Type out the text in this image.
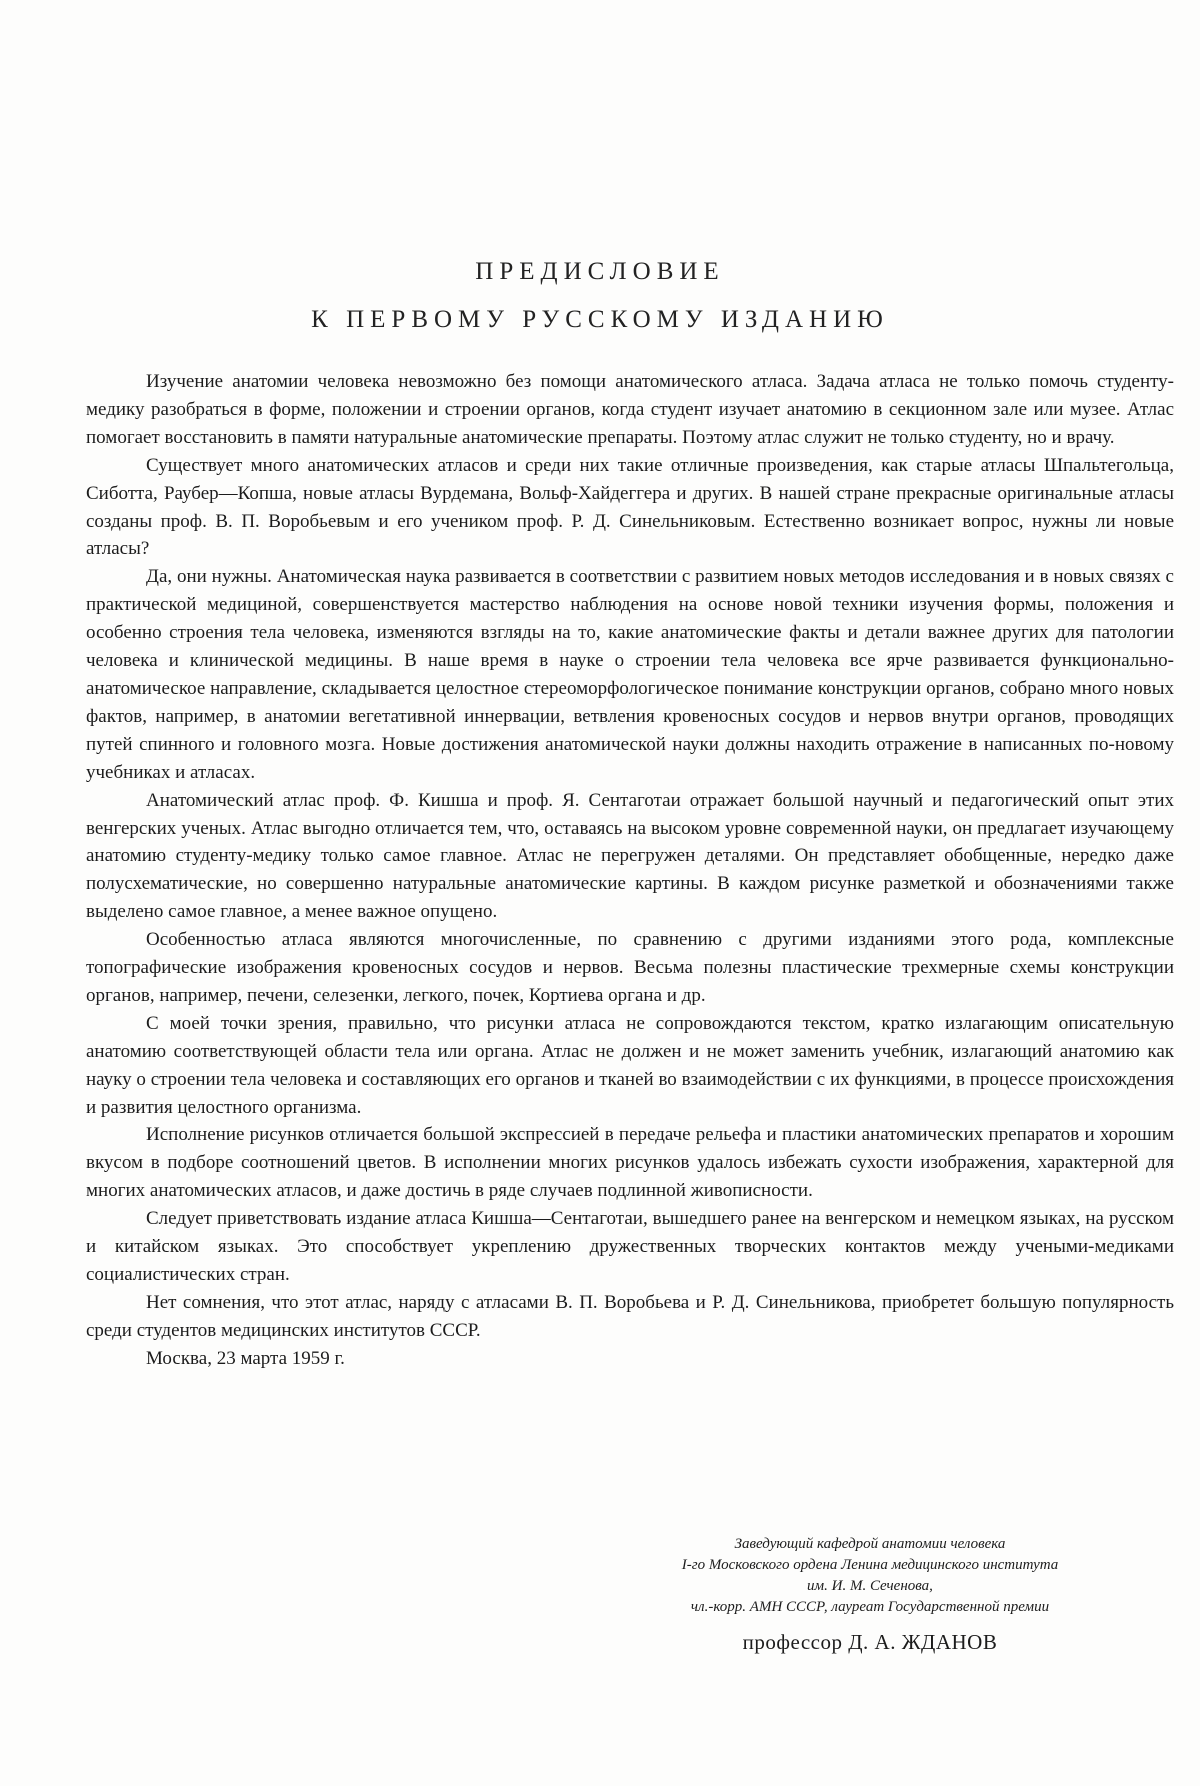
ПРЕДИСЛОВИЕ
К ПЕРВОМУ РУССКОМУ ИЗДАНИЮ

Изучение анатомии человека невозможно без помощи анатомического атласа. Задача атласа не только помочь студенту-медику разобраться в форме, положении и строении органов, когда студент изучает анатомию в секционном зале или музее. Атлас помогает восстановить в памяти натуральные анатомические препараты. Поэтому атлас служит не только студенту, но и врачу.

Существует много анатомических атласов и среди них такие отличные произведения, как старые атласы Шпальтегольца, Сиботта, Раубер—Копша, новые атласы Вурдемана, Вольф-Хайдеггера и других. В нашей стране прекрасные оригинальные атласы созданы проф. В. П. Воробьевым и его учеником проф. Р. Д. Синельниковым. Естественно возникает вопрос, нужны ли новые атласы?

Да, они нужны. Анатомическая наука развивается в соответствии с развитием новых методов исследования и в новых связях с практической медициной, совершенствуется мастерство наблюдения на основе новой техники изучения формы, положения и особенно строения тела человека, изменяются взгляды на то, какие анатомические факты и детали важнее других для патологии человека и клинической медицины. В наше время в науке о строении тела человека все ярче развивается функционально-анатомическое направление, складывается целостное стереоморфологическое понимание конструкции органов, собрано много новых фактов, например, в анатомии вегетативной иннервации, ветвления кровеносных сосудов и нервов внутри органов, проводящих путей спинного и головного мозга. Новые достижения анатомической науки должны находить отражение в написанных по-новому учебниках и атласах.

Анатомический атлас проф. Ф. Кишша и проф. Я. Сентаготаи отражает большой научный и педагогический опыт этих венгерских ученых. Атлас выгодно отличается тем, что, оставаясь на высоком уровне современной науки, он предлагает изучающему анатомию студенту-медику только самое главное. Атлас не перегружен деталями. Он представляет обобщенные, нередко даже полусхематические, но совершенно натуральные анатомические картины. В каждом рисунке разметкой и обозначениями также выделено самое главное, а менее важное опущено.

Особенностью атласа являются многочисленные, по сравнению с другими изданиями этого рода, комплексные топографические изображения кровеносных сосудов и нервов. Весьма полезны пластические трехмерные схемы конструкции органов, например, печени, селезенки, легкого, почек, Кортиева органа и др.

С моей точки зрения, правильно, что рисунки атласа не сопровождаются текстом, кратко излагающим описательную анатомию соответствующей области тела или органа. Атлас не должен и не может заменить учебник, излагающий анатомию как науку о строении тела человека и составляющих его органов и тканей во взаимодействии с их функциями, в процессе происхождения и развития целостного организма.

Исполнение рисунков отличается большой экспрессией в передаче рельефа и пластики анатомических препаратов и хорошим вкусом в подборе соотношений цветов. В исполнении многих рисунков удалось избежать сухости изображения, характерной для многих анатомических атласов, и даже достичь в ряде случаев подлинной живописности.

Следует приветствовать издание атласа Кишша—Сентаготаи, вышедшего ранее на венгерском и немецком языках, на русском и китайском языках. Это способствует укреплению дружественных творческих контактов между учеными-медиками социалистических стран.

Нет сомнения, что этот атлас, наряду с атласами В. П. Воробьева и Р. Д. Синельникова, приобретет большую популярность среди студентов медицинских институтов СССР.

Москва, 23 марта 1959 г.

Заведующий кафедрой анатомии человека
I-го Московского ордена Ленина медицинского института
им. И. М. Сеченова,
чл.-корр. АМН СССР, лауреат Государственной премии
профессор Д. А. ЖДАНОВ
